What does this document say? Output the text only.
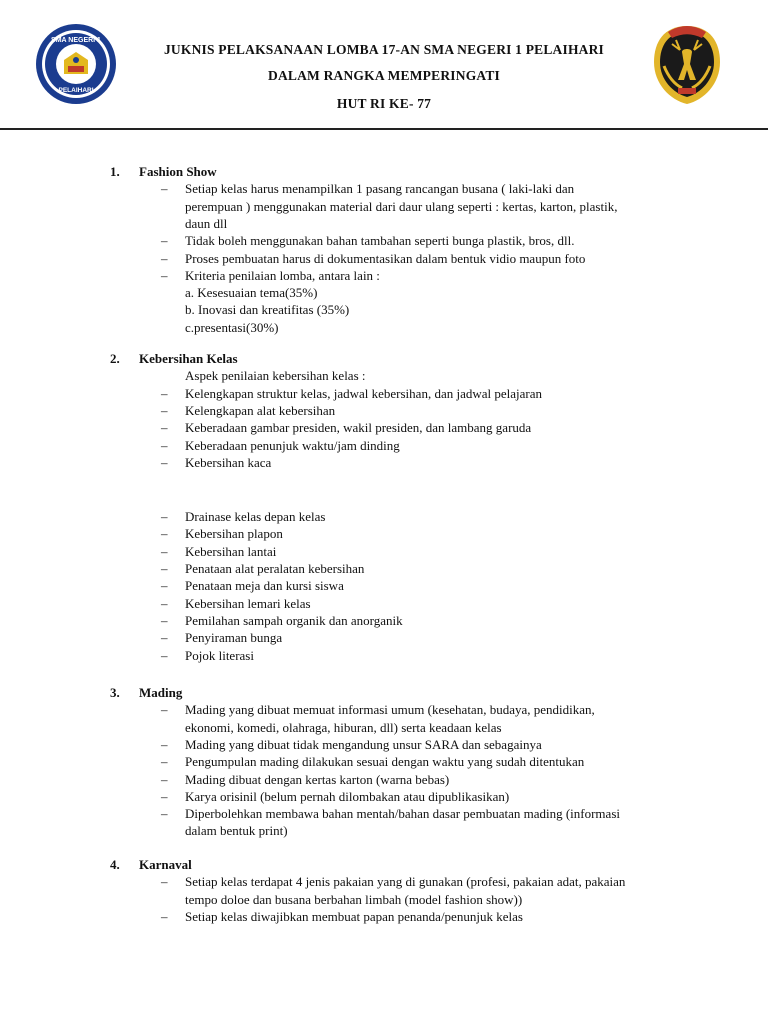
SMA NEGERI 1
PELAIHARI
JUKNIS PELAKSANAAN LOMBA 17-AN SMA NEGERI 1 PELAIHARI
DALAM RANGKA MEMPERINGATI
HUT RI KE- 77
1. Fashion Show
– Setiap kelas harus menampilkan 1 pasang rancangan busana ( laki-laki dan
perempuan ) menggunakan material dari daur ulang seperti : kertas, karton, plastik,
daun dll
– Tidak boleh menggunakan bahan tambahan seperti bunga plastik, bros, dll.
– Proses pembuatan harus di dokumentasikan dalam bentuk vidio maupun foto
– Kriteria penilaian lomba, antara lain :
a. Kesesuaian tema(35%)
b. Inovasi dan kreatifitas (35%)
c.presentasi(30%)
2. Kebersihan Kelas
Aspek penilaian kebersihan kelas :
– Kelengkapan struktur kelas, jadwal kebersihan, dan jadwal pelajaran
– Kelengkapan alat kebersihan
– Keberadaan gambar presiden, wakil presiden, dan lambang garuda
– Keberadaan penunjuk waktu/jam dinding
– Kebersihan kaca
– Drainase kelas depan kelas
– Kebersihan plapon
– Kebersihan lantai
– Penataan alat peralatan kebersihan
– Penataan meja dan kursi siswa
– Kebersihan lemari kelas
– Pemilahan sampah organik dan anorganik
– Penyiraman bunga
– Pojok literasi
3. Mading
– Mading yang dibuat memuat informasi umum (kesehatan, budaya, pendidikan,
ekonomi, komedi, olahraga, hiburan, dll) serta keadaan kelas
– Mading yang dibuat tidak mengandung unsur SARA dan sebagainya
– Pengumpulan mading dilakukan sesuai dengan waktu yang sudah ditentukan
– Mading dibuat dengan kertas karton (warna bebas)
– Karya orisinil (belum pernah dilombakan atau dipublikasikan)
– Diperbolehkan membawa bahan mentah/bahan dasar pembuatan mading (informasi
dalam bentuk print)
4. Karnaval
– Setiap kelas terdapat 4 jenis pakaian yang di gunakan (profesi, pakaian adat, pakaian
tempo doloe dan busana berbahan limbah (model fashion show))
– Setiap kelas diwajibkan membuat papan penanda/penunjuk kelas
